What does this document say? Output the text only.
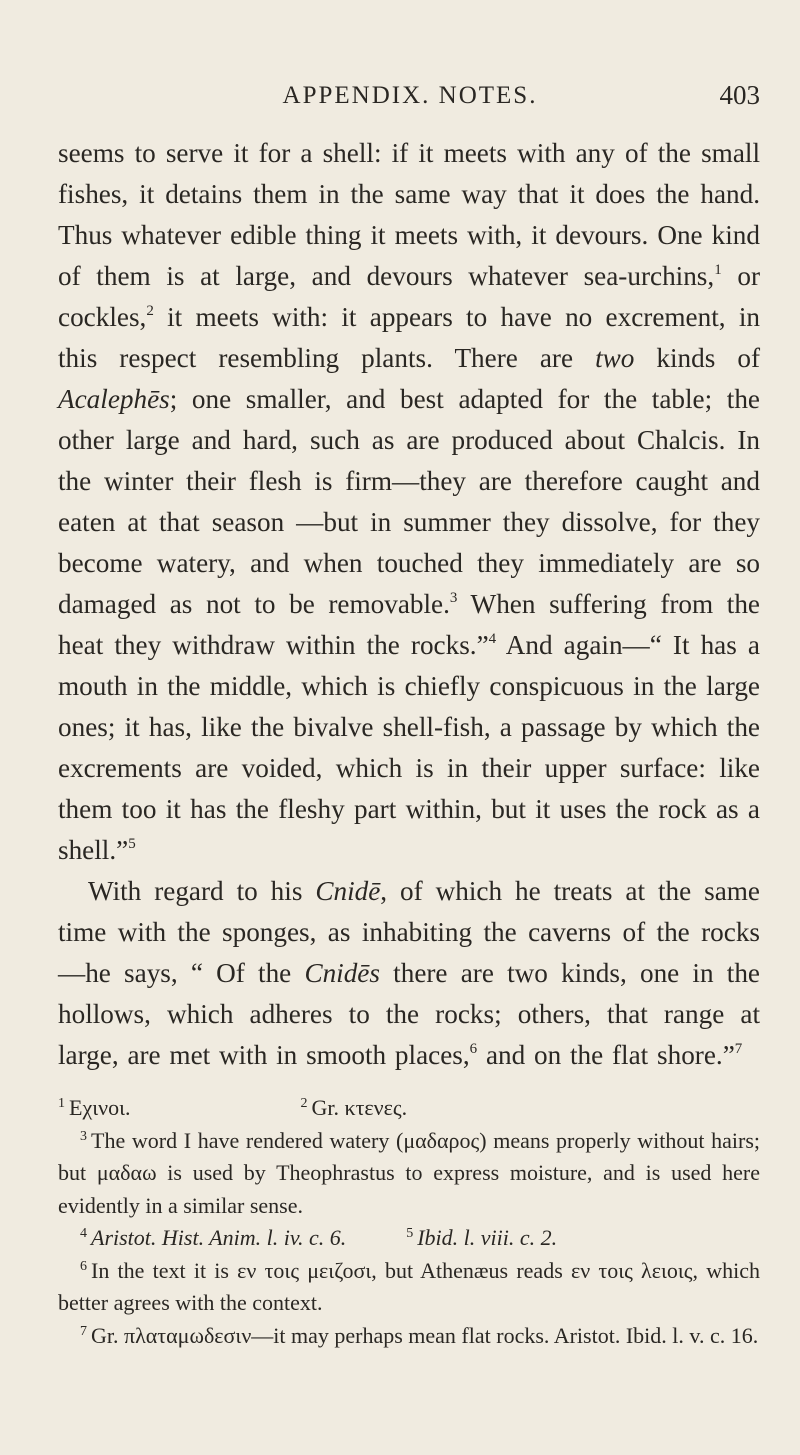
APPENDIX. NOTES.	403

seems to serve it for a shell: if it meets with any of the small fishes, it detains them in the same way that it does the hand. Thus whatever edible thing it meets with, it devours. One kind of them is at large, and devours whatever sea-urchins,$^1$ or cockles,$^2$ it meets with: it appears to have no excrement, in this respect resembling plants. There are two kinds of Acalephēs; one smaller, and best adapted for the table; the other large and hard, such as are produced about Chalcis. In the winter their flesh is firm—they are therefore caught and eaten at that season —but in summer they dissolve, for they become watery, and when touched they immediately are so damaged as not to be removable.$^3$ When suffering from the heat they withdraw within the rocks.”$^4$ And again—“ It has a mouth in the middle, which is chiefly conspicuous in the large ones; it has, like the bivalve shell-fish, a passage by which the excrements are voided, which is in their upper surface: like them too it has the fleshy part within, but it uses the rock as a shell.”$^5$

With regard to his Cnidē, of which he treats at the same time with the sponges, as inhabiting the caverns of the rocks—he says, “ Of the Cnidēs there are two kinds, one in the hollows, which adheres to the rocks; others, that range at large, are met with in smooth places,$^6$ and on the flat shore.”$^7$

$^1$ Εχινοι.	$^2$ Gr. κτενες.

$^3$ The word I have rendered watery (μαδαρος) means properly without hairs; but μαδαω is used by Theophrastus to express moisture, and is used here evidently in a similar sense.

$^4$ Aristot. Hist. Anim. l. iv. c. 6.	$^5$ Ibid. l. viii. c. 2.

$^6$ In the text it is εν τοις μειζοσι, but Athenæus reads εν τοις λειοις, which better agrees with the context.

$^7$ Gr. πλαταμωδεσιν—it may perhaps mean flat rocks. Aristot. Ibid. l. v. c. 16.
